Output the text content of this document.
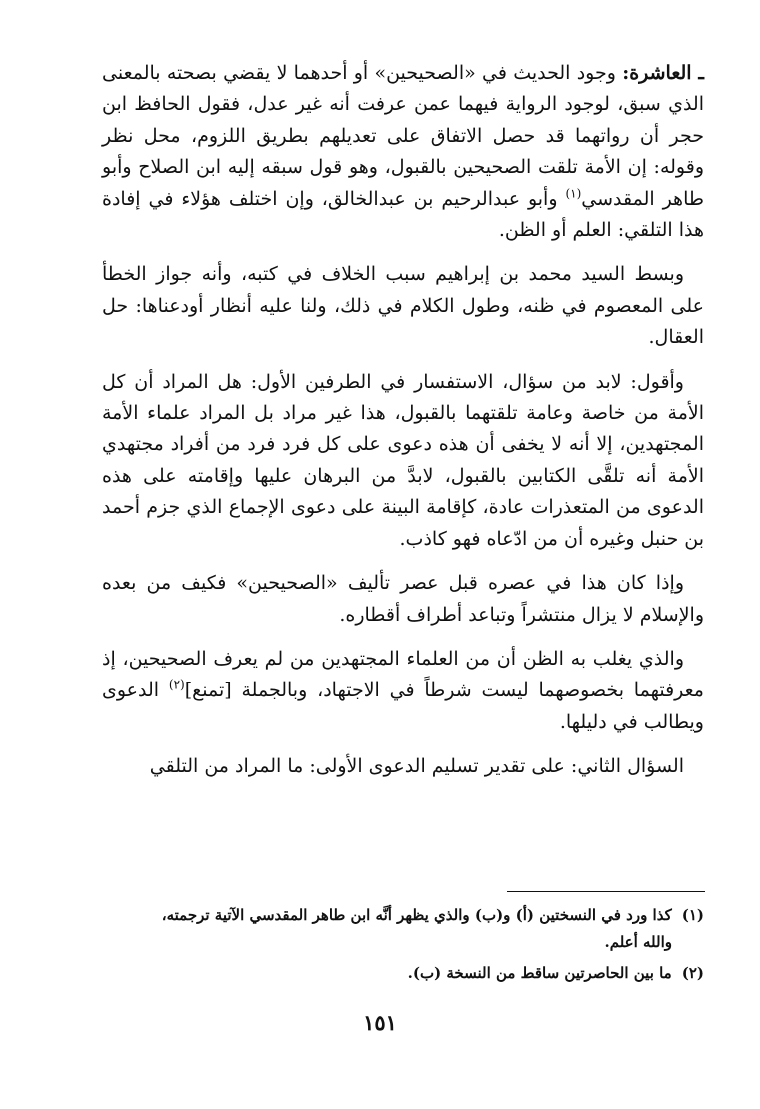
ـ العاشرة: وجود الحديث في «الصحيحين» أو أحدهما لا يقضي بصحته بالمعنى الذي سبق، لوجود الرواية فيهما عمن عرفت أنه غير عدل، فقول الحافظ ابن حجر أن رواتهما قد حصل الاتفاق على تعديلهم بطريق اللزوم، محل نظر وقوله: إن الأمة تلقت الصحيحين بالقبول، وهو قول سبقه إليه ابن الصلاح وأبو طاهر المقدسي$^{(١)}$ وأبو عبدالرحيم بن عبدالخالق، وإن اختلف هؤلاء في إفادة هذا التلقي: العلم أو الظن.

وبسط السيد محمد بن إبراهيم سبب الخلاف في كتبه، وأنه جواز الخطأ على المعصوم في ظنه، وطول الكلام في ذلك، ولنا عليه أنظار أودعناها: حل العقال.

وأقول: لابد من سؤال، الاستفسار في الطرفين الأول: هل المراد أن كل الأمة من خاصة وعامة تلقتهما بالقبول، هذا غير مراد بل المراد علماء الأمة المجتهدين، إلا أنه لا يخفى أن هذه دعوى على كل فرد فرد من أفراد مجتهدي الأمة أنه تلقَّى الكتابين بالقبول، لابدَّ من البرهان عليها وإقامته على هذه الدعوى من المتعذرات عادة، كإقامة البينة على دعوى الإجماع الذي جزم أحمد بن حنبل وغيره أن من ادّعاه فهو كاذب.

وإذا كان هذا في عصره قبل عصر تأليف «الصحيحين» فكيف من بعده والإسلام لا يزال منتشراً وتباعد أطراف أقطاره.

والذي يغلب به الظن أن من العلماء المجتهدين من لم يعرف الصحيحين، إذ معرفتهما بخصوصهما ليست شرطاً في الاجتهاد، وبالجملة [تمنع]$^{(٢)}$ الدعوى ويطالب في دليلها.

السؤال الثاني: على تقدير تسليم الدعوى الأولى: ما المراد من التلقي

(١)كذا ورد في النسختين (أ) و(ب) والذي يظهر أنَّه ابن طاهر المقدسي الآتية ترجمته،
والله أعلم.
(٢)ما بين الحاصرتين ساقط من النسخة (ب).
١٥١
